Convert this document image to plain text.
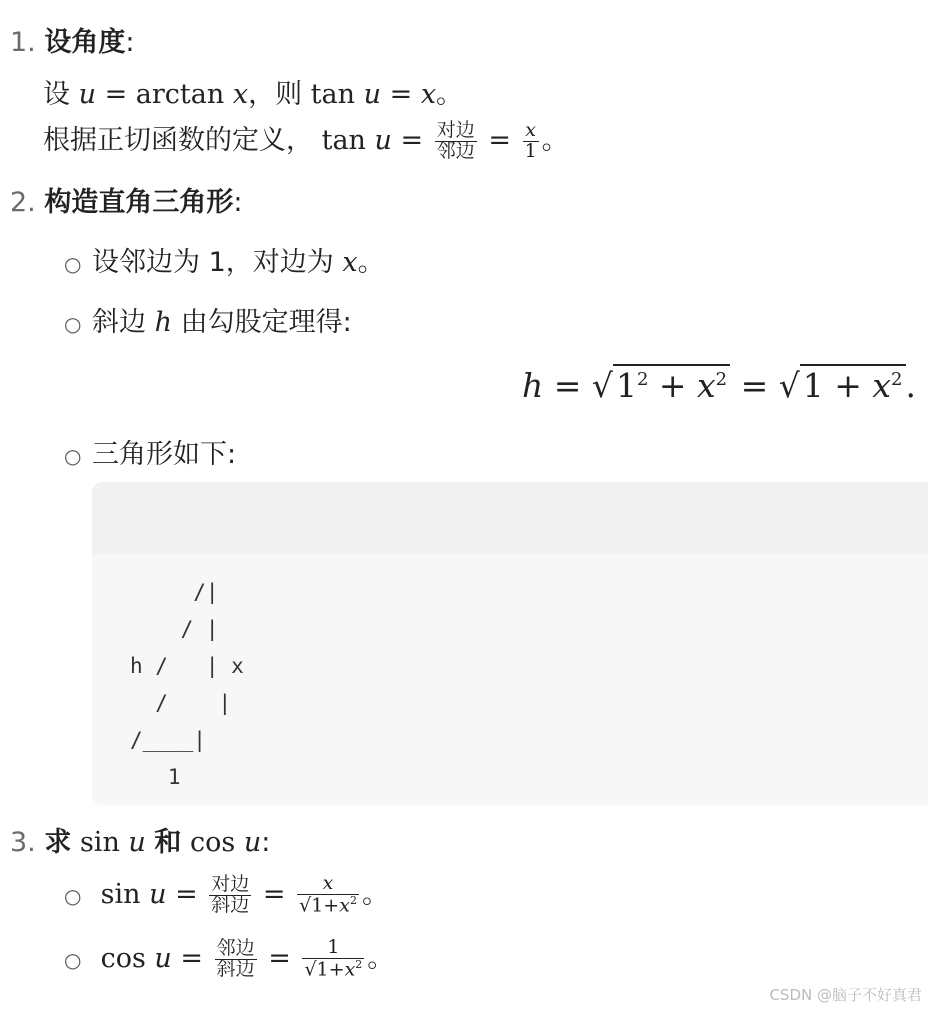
1. 设角度:
设 u = arctan x，则 tan u = x。
根据正切函数的定义， $\tan u = \frac{\text{对边}}{\text{邻边}} = \frac{x}{1}$ 。
2. 构造直角三角形:
○ 设邻边为 1，对边为 x。
○ 斜边 h 由勾股定理得:
$h = √1^2 + x^2 = √1 + x^2$.
○ 三角形如下:
/|
/ |
h /   | x
/    |
/____|
1
3. 求 sin u 和 cos u:
○ $\sin u = \frac{\text{对边}}{\text{斜边}} = \frac{x}{√1+x^2}$ 。
○ $\cos u = \frac{\text{邻边}}{\text{斜边}} = \frac{1}{√1+x^2}$ 。
CSDN @脑子不好真君
